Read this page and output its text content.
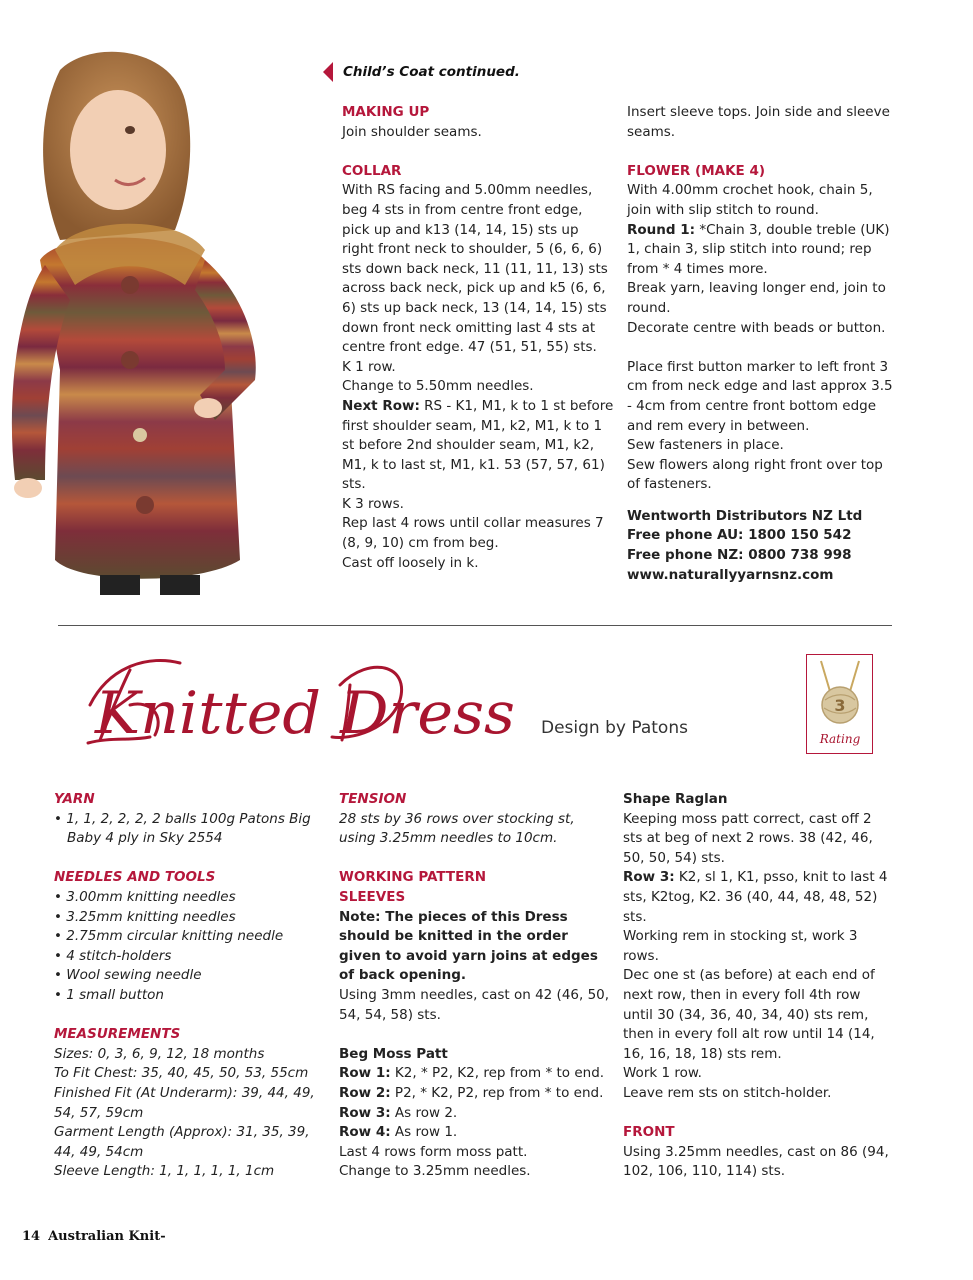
Child’s Coat continued.

MAKING UP

Join shoulder seams.

COLLAR

With RS facing and 5.00mm needles, beg 4 sts in from centre front edge, pick up and k13 (14, 14, 15) sts up right front neck to shoulder, 5 (6, 6, 6) sts down back neck, 11 (11, 11, 13) sts across back neck, pick up and k5 (6, 6, 6) sts up back neck, 13 (14, 14, 15) sts down front neck omitting last 4 sts at centre front edge. 47 (51, 51, 55) sts.

K 1 row.

Change to 5.50mm needles.

Next Row: RS - K1, M1, k to 1 st before first shoulder seam, M1, k2, M1, k to 1 st before 2nd shoulder seam, M1, k2, M1, k to last st, M1, k1. 53 (57, 57, 61) sts.

K 3 rows.

Rep last 4 rows until collar measures 7 (8, 9, 10) cm from beg.

Cast off loosely in k.

Insert sleeve tops. Join side and sleeve seams.

FLOWER (MAKE 4)

With 4.00mm crochet hook, chain 5, join with slip stitch to round.

Round 1: *Chain 3, double treble (UK) 1, chain 3, slip stitch into round; rep from * 4 times more.

Break yarn, leaving longer end, join to round.

Decorate centre with beads or button.

Place first button marker to left front 3 cm from neck edge and last approx 3.5 - 4cm from centre front bottom edge and rem every in between.

Sew fasteners in place.

Sew flowers along right front over top of fasteners.

Wentworth Distributors NZ Ltd

Free phone AU: 1800 150 542

Free phone NZ: 0800 738 998

www.naturallyyarnsnz.com

Knitted Dress Design by Patons
3
Rating

YARN

• 1, 1, 2, 2, 2, 2 balls 100g Patons Big Baby 4 ply in Sky 2554

NEEDLES AND TOOLS

• 3.00mm knitting needles
• 3.25mm knitting needles
• 2.75mm circular knitting needle
• 4 stitch-holders
• Wool sewing needle
• 1 small button

MEASUREMENTS

Sizes: 0, 3, 6, 9, 12, 18 months

To Fit Chest: 35, 40, 45, 50, 53, 55cm

Finished Fit (At Underarm): 39, 44, 49, 54, 57, 59cm

Garment Length (Approx): 31, 35, 39, 44, 49, 54cm

Sleeve Length: 1, 1, 1, 1, 1, 1cm

TENSION

28 sts by 36 rows over stocking st, using 3.25mm needles to 10cm.

WORKING PATTERN

SLEEVES

Note: The pieces of this Dress should be knitted in the order given to avoid yarn joins at edges of back opening.

Using 3mm needles, cast on 42 (46, 50, 54, 54, 58) sts.

Beg Moss Patt

Row 1: K2, * P2, K2, rep from * to end.

Row 2: P2, * K2, P2, rep from * to end.

Row 3: As row 2.

Row 4: As row 1.

Last 4 rows form moss patt.

Change to 3.25mm needles.

Shape Raglan

Keeping moss patt correct, cast off 2 sts at beg of next 2 rows. 38 (42, 46, 50, 50, 54) sts.

Row 3: K2, sl 1, K1, psso, knit to last 4 sts, K2tog, K2. 36 (40, 44, 48, 48, 52) sts.

Working rem in stocking st, work 3 rows.

Dec one st (as before) at each end of next row, then in every foll 4th row until 30 (34, 36, 40, 34, 40) sts rem, then in every foll alt row until 14 (14, 16, 16, 18, 18) sts rem.

Work 1 row.

Leave rem sts on stitch-holder.

FRONT

Using 3.25mm needles, cast on 86 (94, 102, 106, 110, 114) sts.

14 Australian Knit-
